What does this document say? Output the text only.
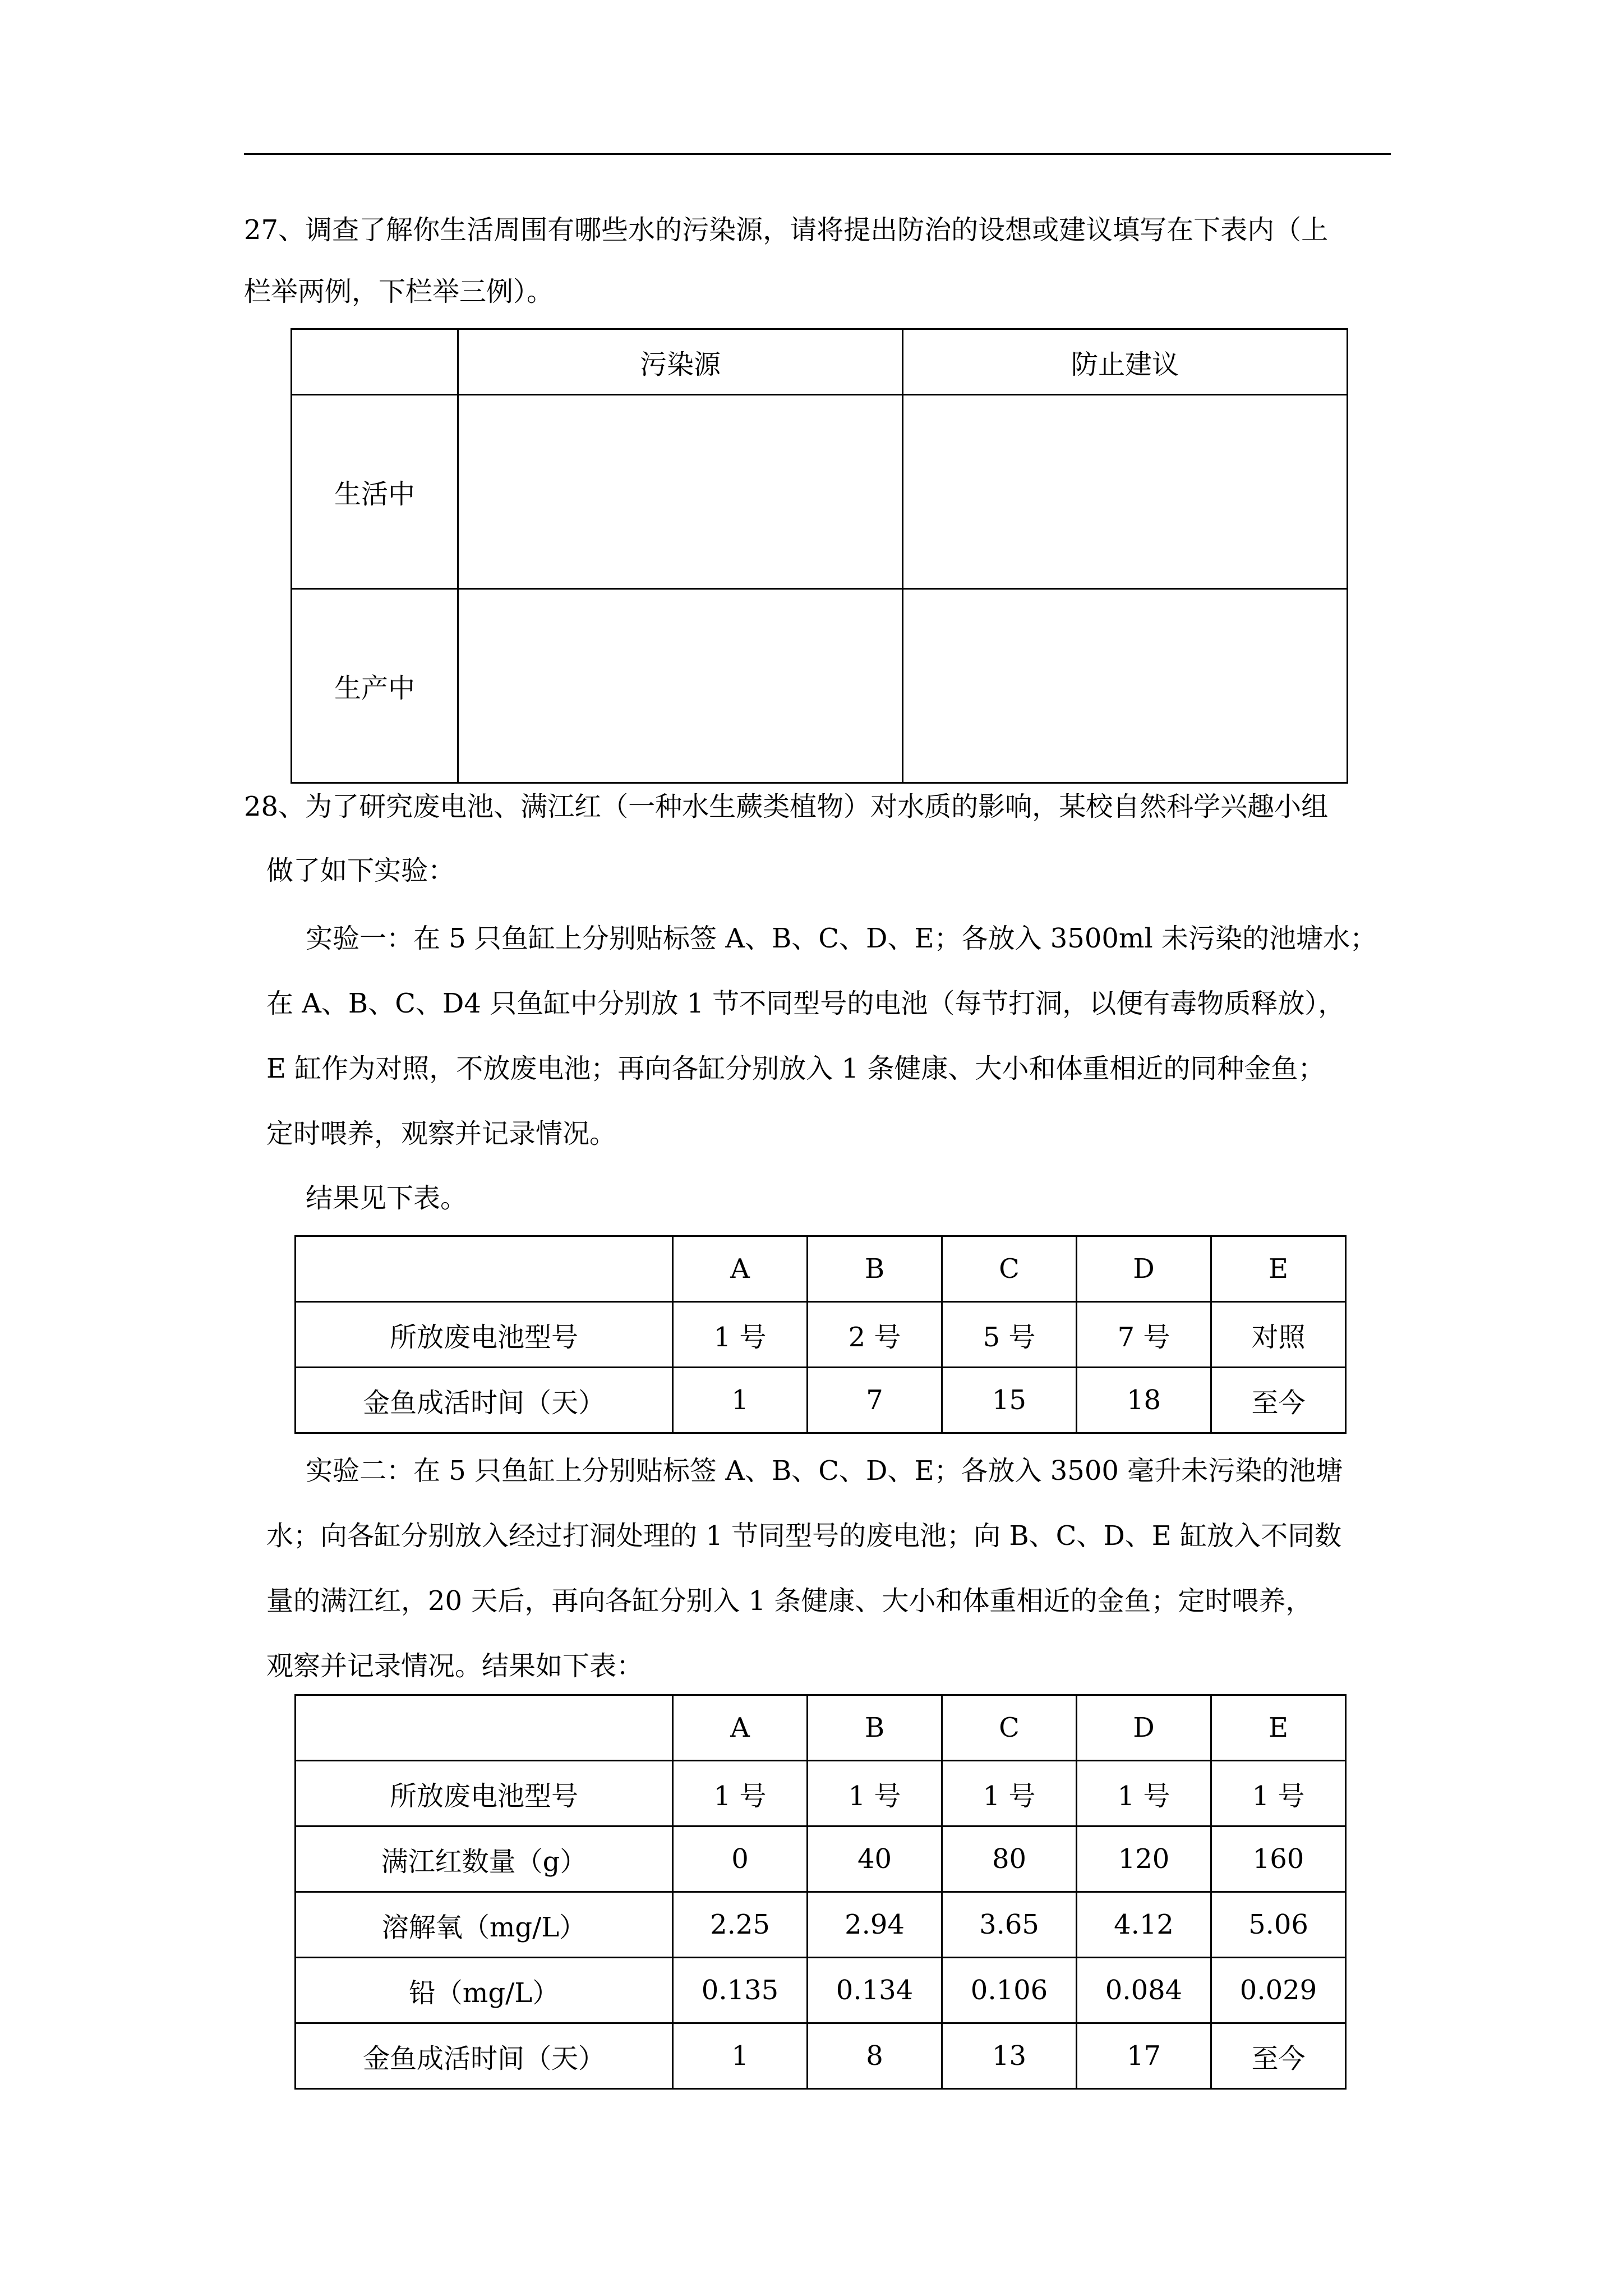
27、调查了解你生活周围有哪些水的污染源，请将提出防治的设想或建议填写在下表内（上
栏举两例，下栏举三例）。
	污染源	防止建议
生活中		
生产中		
28、为了研究废电池、满江红（一种水生蕨类植物）对水质的影响，某校自然科学兴趣小组
做了如下实验：
实验一：在 5 只鱼缸上分别贴标签 A、B、C、D、E；各放入 3500ml 未污染的池塘水；
在 A、B、C、D4 只鱼缸中分别放 1 节不同型号的电池（每节打洞，以便有毒物质释放），
E 缸作为对照，不放废电池；再向各缸分别放入 1 条健康、大小和体重相近的同种金鱼；
定时喂养，观察并记录情况。
结果见下表。
	A	B	C	D	E
所放废电池型号	1 号	2 号	5 号	7 号	对照
金鱼成活时间（天）	1	7	15	18	至今
实验二：在 5 只鱼缸上分别贴标签 A、B、C、D、E；各放入 3500 毫升未污染的池塘
水；向各缸分别放入经过打洞处理的 1 节同型号的废电池；向 B、C、D、E 缸放入不同数
量的满江红，20 天后，再向各缸分别入 1 条健康、大小和体重相近的金鱼；定时喂养，
观察并记录情况。结果如下表：
	A	B	C	D	E
所放废电池型号	1 号	1 号	1 号	1 号	1 号
满江红数量（g）	0	40	80	120	160
溶解氧（mg/L）	2.25	2.94	3.65	4.12	5.06
铅（mg/L）	0.135	0.134	0.106	0.084	0.029
金鱼成活时间（天）	1	8	13	17	至今
